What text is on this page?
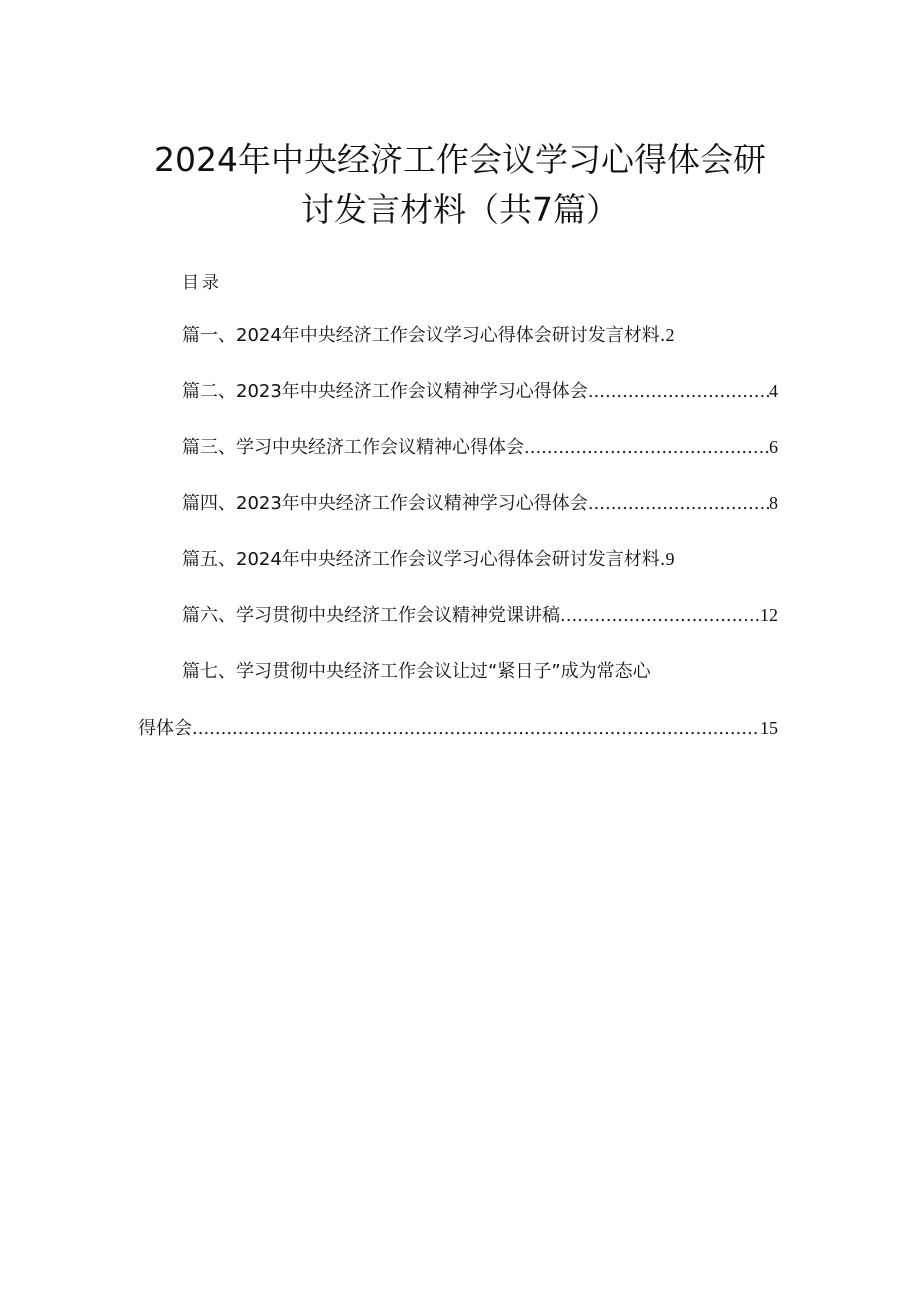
2024年中央经济工作会议学习心得体会研
讨发言材料（共7篇）
目录
篇一、2024年中央经济工作会议学习心得体会研讨发言材料. 2
篇二、2023年中央经济工作会议精神学习心得体会 .....	4
篇三、学习中央经济工作会议精神心得体会 .....	6
篇四、2023年中央经济工作会议精神学习心得体会 .....	8
篇五、2024年中央经济工作会议学习心得体会研讨发言材料. 9
篇六、学习贯彻中央经济工作会议精神党课讲稿 .....	12
篇七、学习贯彻中央经济工作会议让过“紧日子”成为常态心
得体会 .....	15
